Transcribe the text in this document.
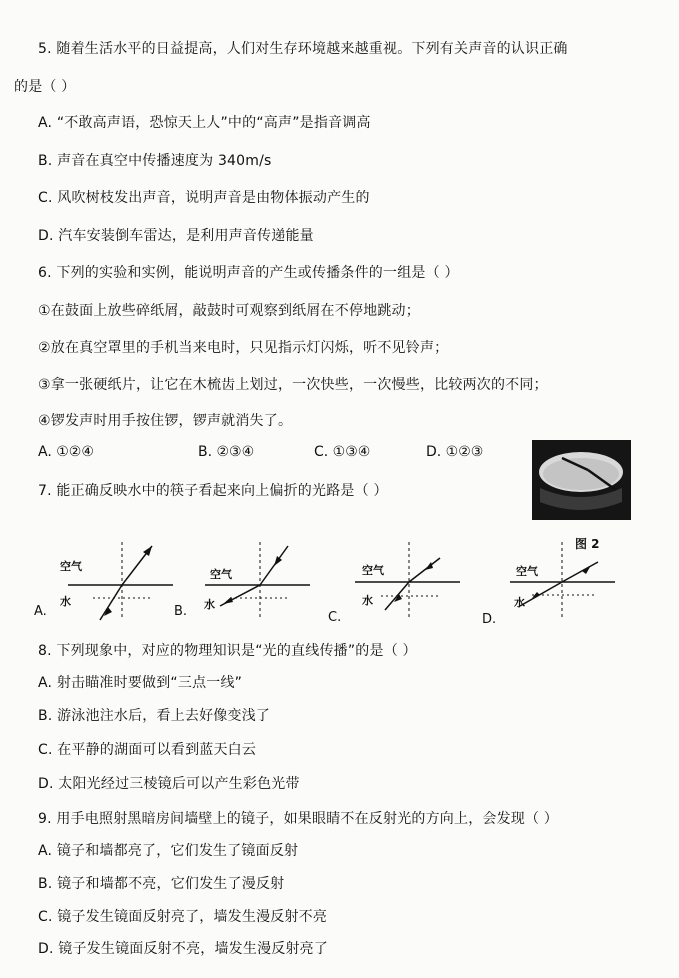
5. 随着生活水平的日益提高，人们对生存环境越来越重视。下列有关声音的认识正确
的是（ ）
A. “不敢高声语，恐惊天上人”中的“高声”是指音调高
B. 声音在真空中传播速度为 340m/s
C. 风吹树枝发出声音，说明声音是由物体振动产生的
D. 汽车安装倒车雷达，是利用声音传递能量
6. 下列的实验和实例，能说明声音的产生或传播条件的一组是（ ）
①在鼓面上放些碎纸屑，敲鼓时可观察到纸屑在不停地跳动；
②放在真空罩里的手机当来电时，只见指示灯闪烁，听不见铃声；
③拿一张硬纸片，让它在木梳齿上划过，一次快些，一次慢些，比较两次的不同；
④锣发声时用手按住锣，锣声就消失了。
A. ①②④	B. ②③④	C. ①③④	D. ①②③
图 2
7. 能正确反映水中的筷子看起来向上偏折的光路是（ ）
空气
水
A.
空气
水
B.
空气
水
C.
空气
水
D.
8. 下列现象中，对应的物理知识是“光的直线传播”的是（ ）
A. 射击瞄准时要做到“三点一线”
B. 游泳池注水后，看上去好像变浅了
C. 在平静的湖面可以看到蓝天白云
D. 太阳光经过三棱镜后可以产生彩色光带
9. 用手电照射黑暗房间墙壁上的镜子，如果眼睛不在反射光的方向上，会发现（ ）
A. 镜子和墙都亮了，它们发生了镜面反射
B. 镜子和墙都不亮，它们发生了漫反射
C. 镜子发生镜面反射亮了，墙发生漫反射不亮
D. 镜子发生镜面反射不亮，墙发生漫反射亮了
